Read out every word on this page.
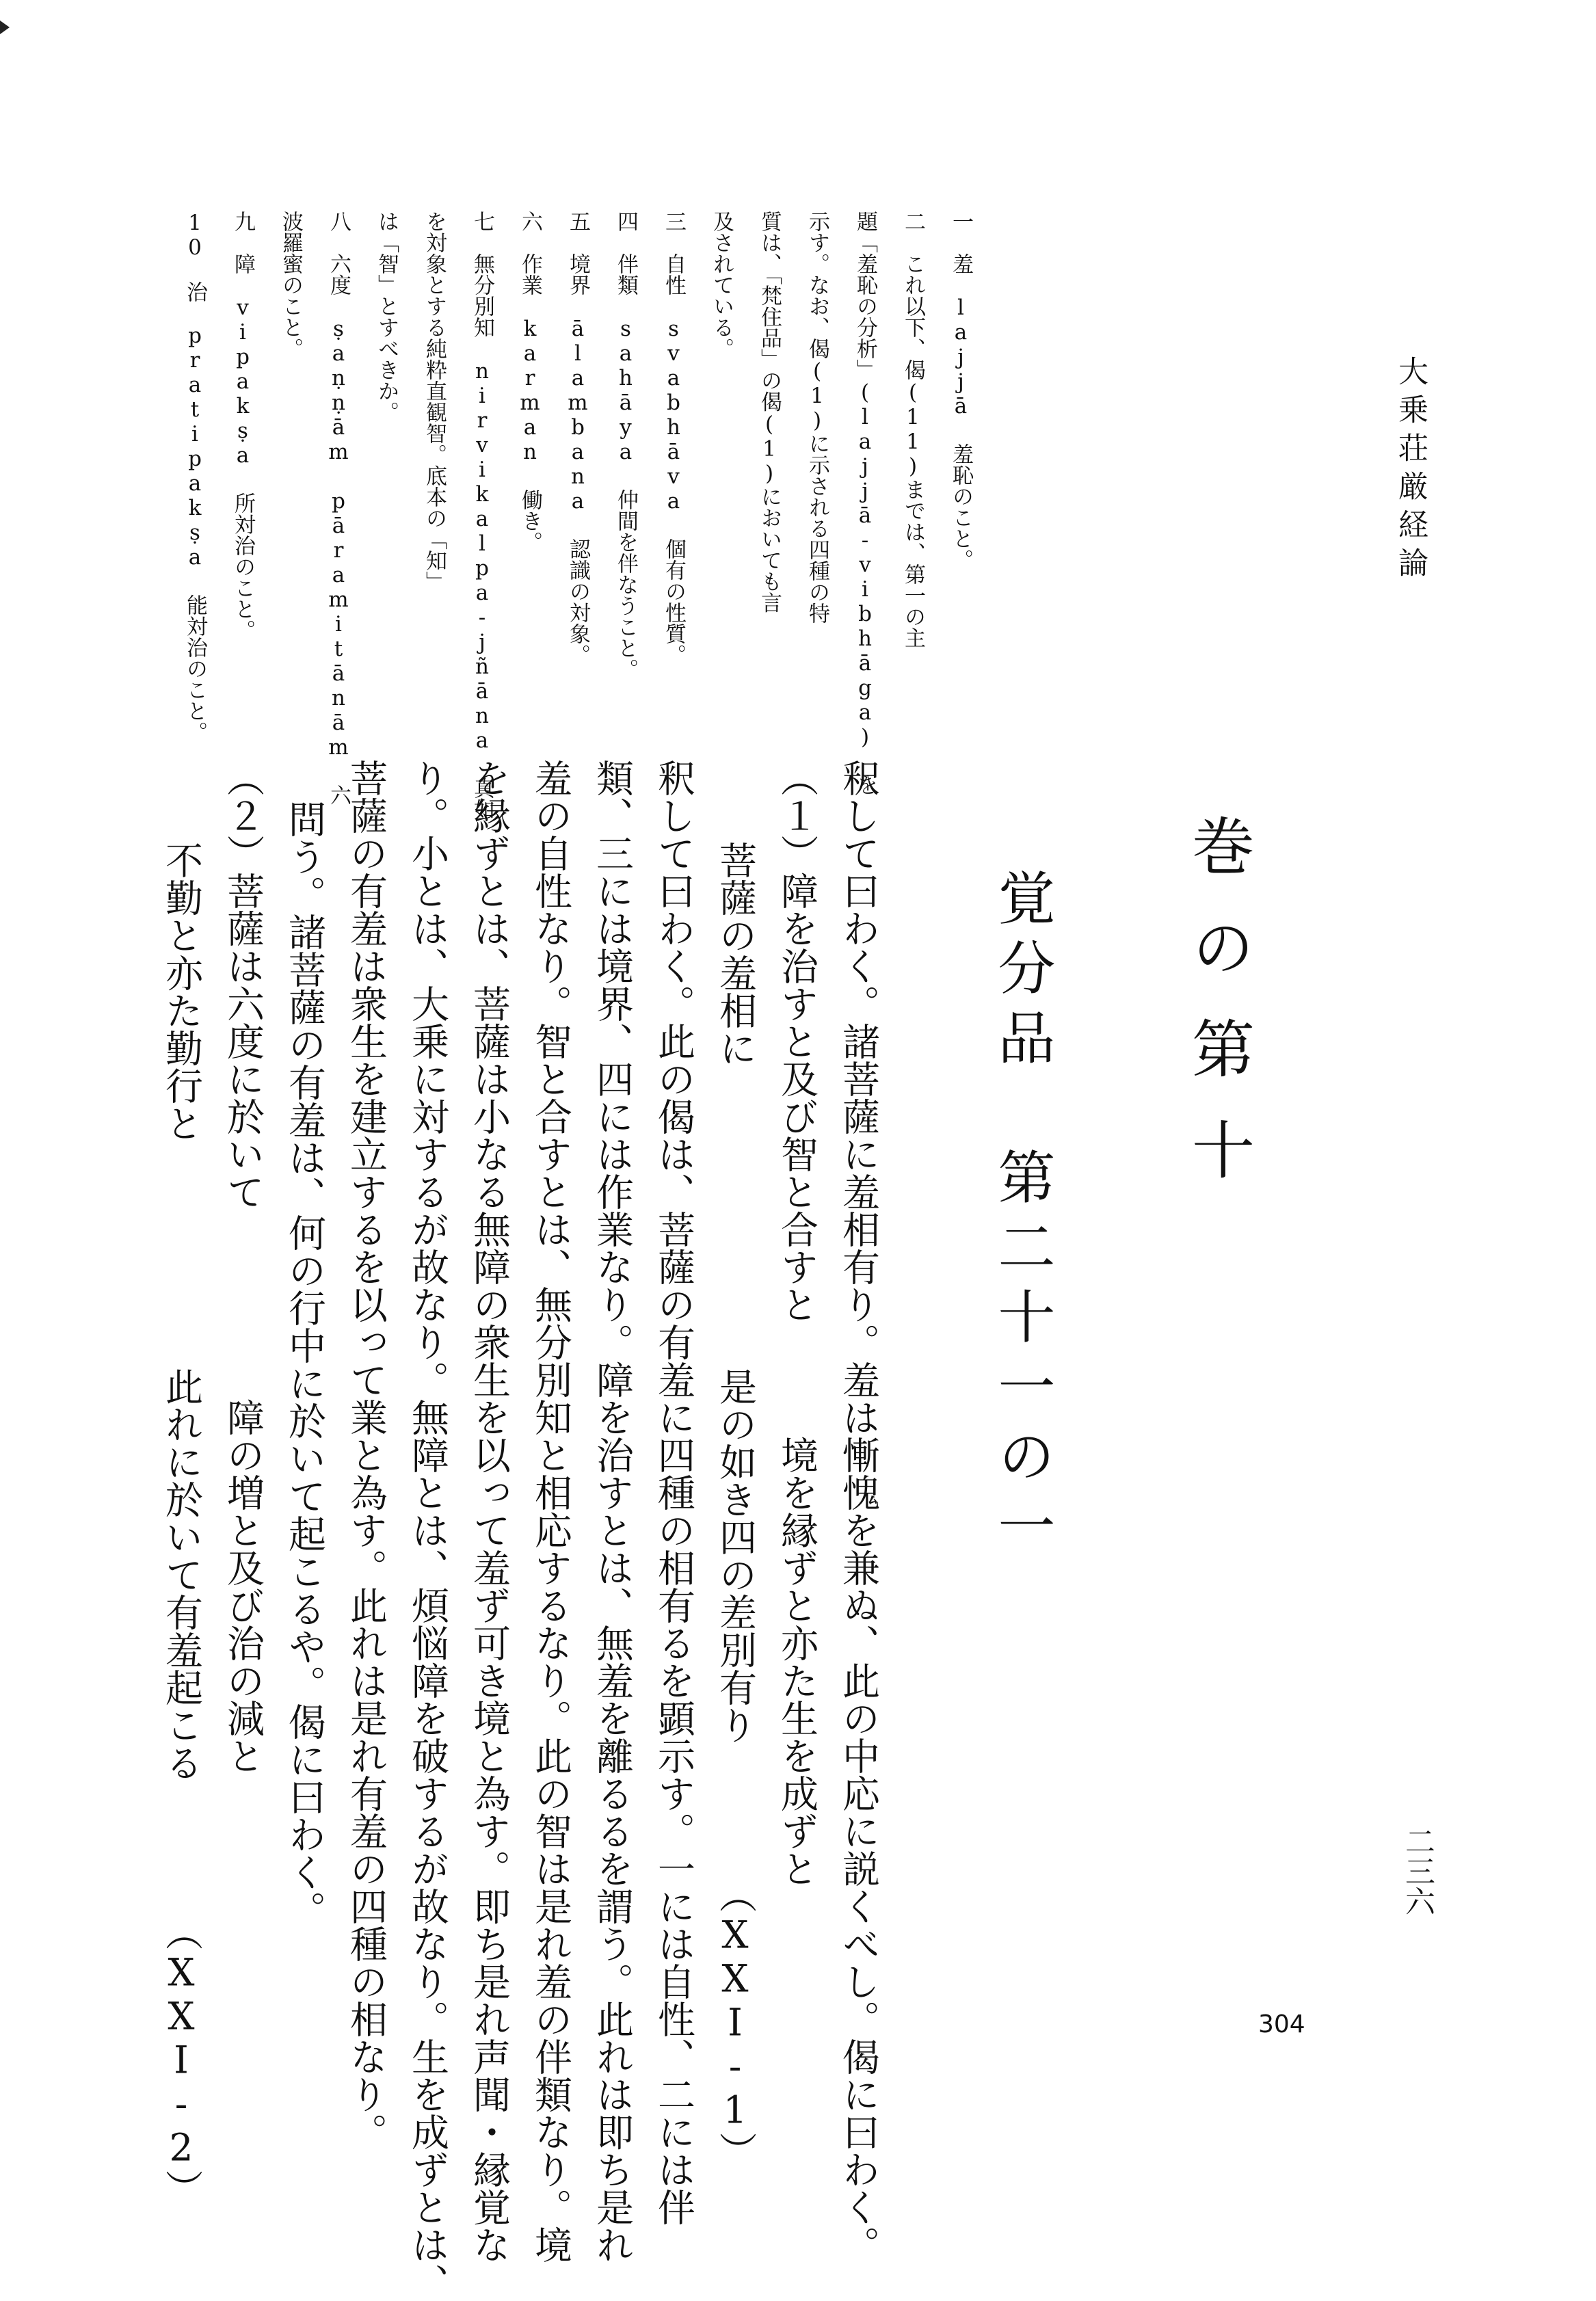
大乗荘厳経論
二三六
304
巻の第十
覚分品　第二十一の一
釈して曰わく。諸菩薩に羞相有り。羞は慚愧を兼ぬ、此の中応に説くべし。偈に曰わく。
（１）障を治すと及び智と合すと　　　境を縁ずと亦た生を成ずと
菩薩の羞相に　　　　　　　　是の如き四の差別有り　　　　（XXI-1）
釈して曰わく。此の偈は、菩薩の有羞に四種の相有るを顕示す。一には自性、二には伴
類、三には境界、四には作業なり。障を治すとは、無羞を離るるを謂う。此れは即ち是れ
羞の自性なり。智と合すとは、無分別知と相応するなり。此の智は是れ羞の伴類なり。境
を縁ずとは、菩薩は小なる無障の衆生を以って羞ず可き境と為す。即ち是れ声聞・縁覚な
り。小とは、大乗に対するが故なり。無障とは、煩悩障を破するが故なり。生を成ずとは、
菩薩の有羞は衆生を建立するを以って業と為す。此れは是れ有羞の四種の相なり。
問う。諸菩薩の有羞は、何の行中に於いて起こるや。偈に曰わく。
（２）菩薩は六度に於いて　　　　　障の増と及び治の減と
不勤と亦た勤行と　　　　　　此れに於いて有羞起こる　　　　（XXI-2）
一　羞　lajjā 羞恥のこと。
二　これ以下、偈(11)までは、第一の主
題「羞恥の分析」(lajjā-vibhāga) を
示す。なお、偈(1)に示される四種の特
質は、「梵住品」の偈(1)においても言
及されている。
三　自性　svabhāva 個有の性質。
四　伴類　sahāya 仲間を伴なうこと。
五　境界　ālambana 認識の対象。
六　作業　karman 働き。
七　無分別知　nirvikalpa-jñāna 真如
を対象とする純粋直観智。底本の「知」
は「智」とすべきか。
八　六度　ṣaṇṇām pāramitānām 六
波羅蜜のこと。
九　障　vipakṣa 所対治のこと。
10　治　pratipakṣa 能対治のこと。
